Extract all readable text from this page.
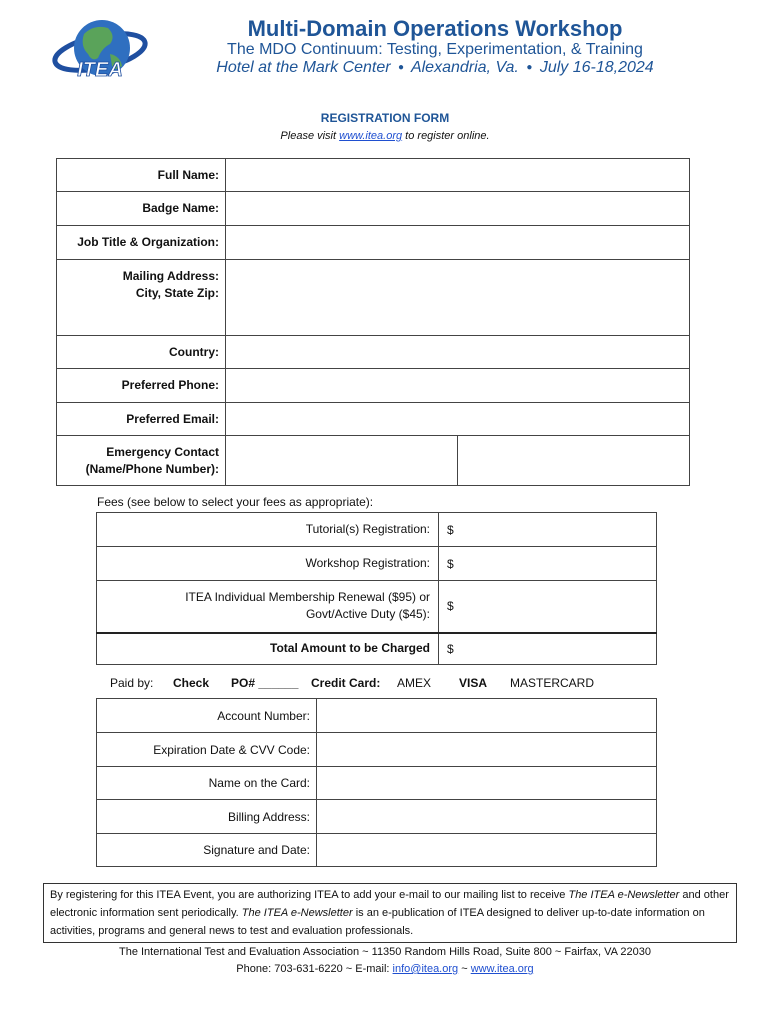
ITEA
Multi-Domain Operations Workshop
The MDO Continuum: Testing, Experimentation, & Training
Hotel at the Mark Center ● Alexandria, Va. ● July 16-18,2024
REGISTRATION FORM
Please visit www.itea.org to register online.
Full Name:		
Badge Name:		
Job Title & Organization:		

Mailing Address:
City, State Zip:		

Country:		
Preferred Phone:		
Preferred Email:		

Emergency Contact
(Name/Phone Number):		

Fees (see below to select your fees as appropriate):
Tutorial(s) Registration:	$
Workshop Registration:	$

ITEA Individual Membership Renewal ($95) or
Govt/Active Duty ($45):	$
Total Amount to be Charged	$
Paid by: Check PO# ______ Credit Card: AMEX VISA MASTERCARD
Account Number:	
Expiration Date & CVV Code:	
Name on the Card:	
Billing Address:	
Signature and Date:	
By registering for this ITEA Event, you are authorizing ITEA to add your e-mail to our mailing list to receive The ITEA e-Newsletter and other electronic information sent periodically. The ITEA e-Newsletter is an e-publication of ITEA designed to deliver up-to-date information on activities, programs and general news to test and evaluation professionals.
The International Test and Evaluation Association ~ 11350 Random Hills Road, Suite 800 ~ Fairfax, VA 22030
Phone: 703-631-6220 ~ E-mail: info@itea.org ~ www.itea.org
